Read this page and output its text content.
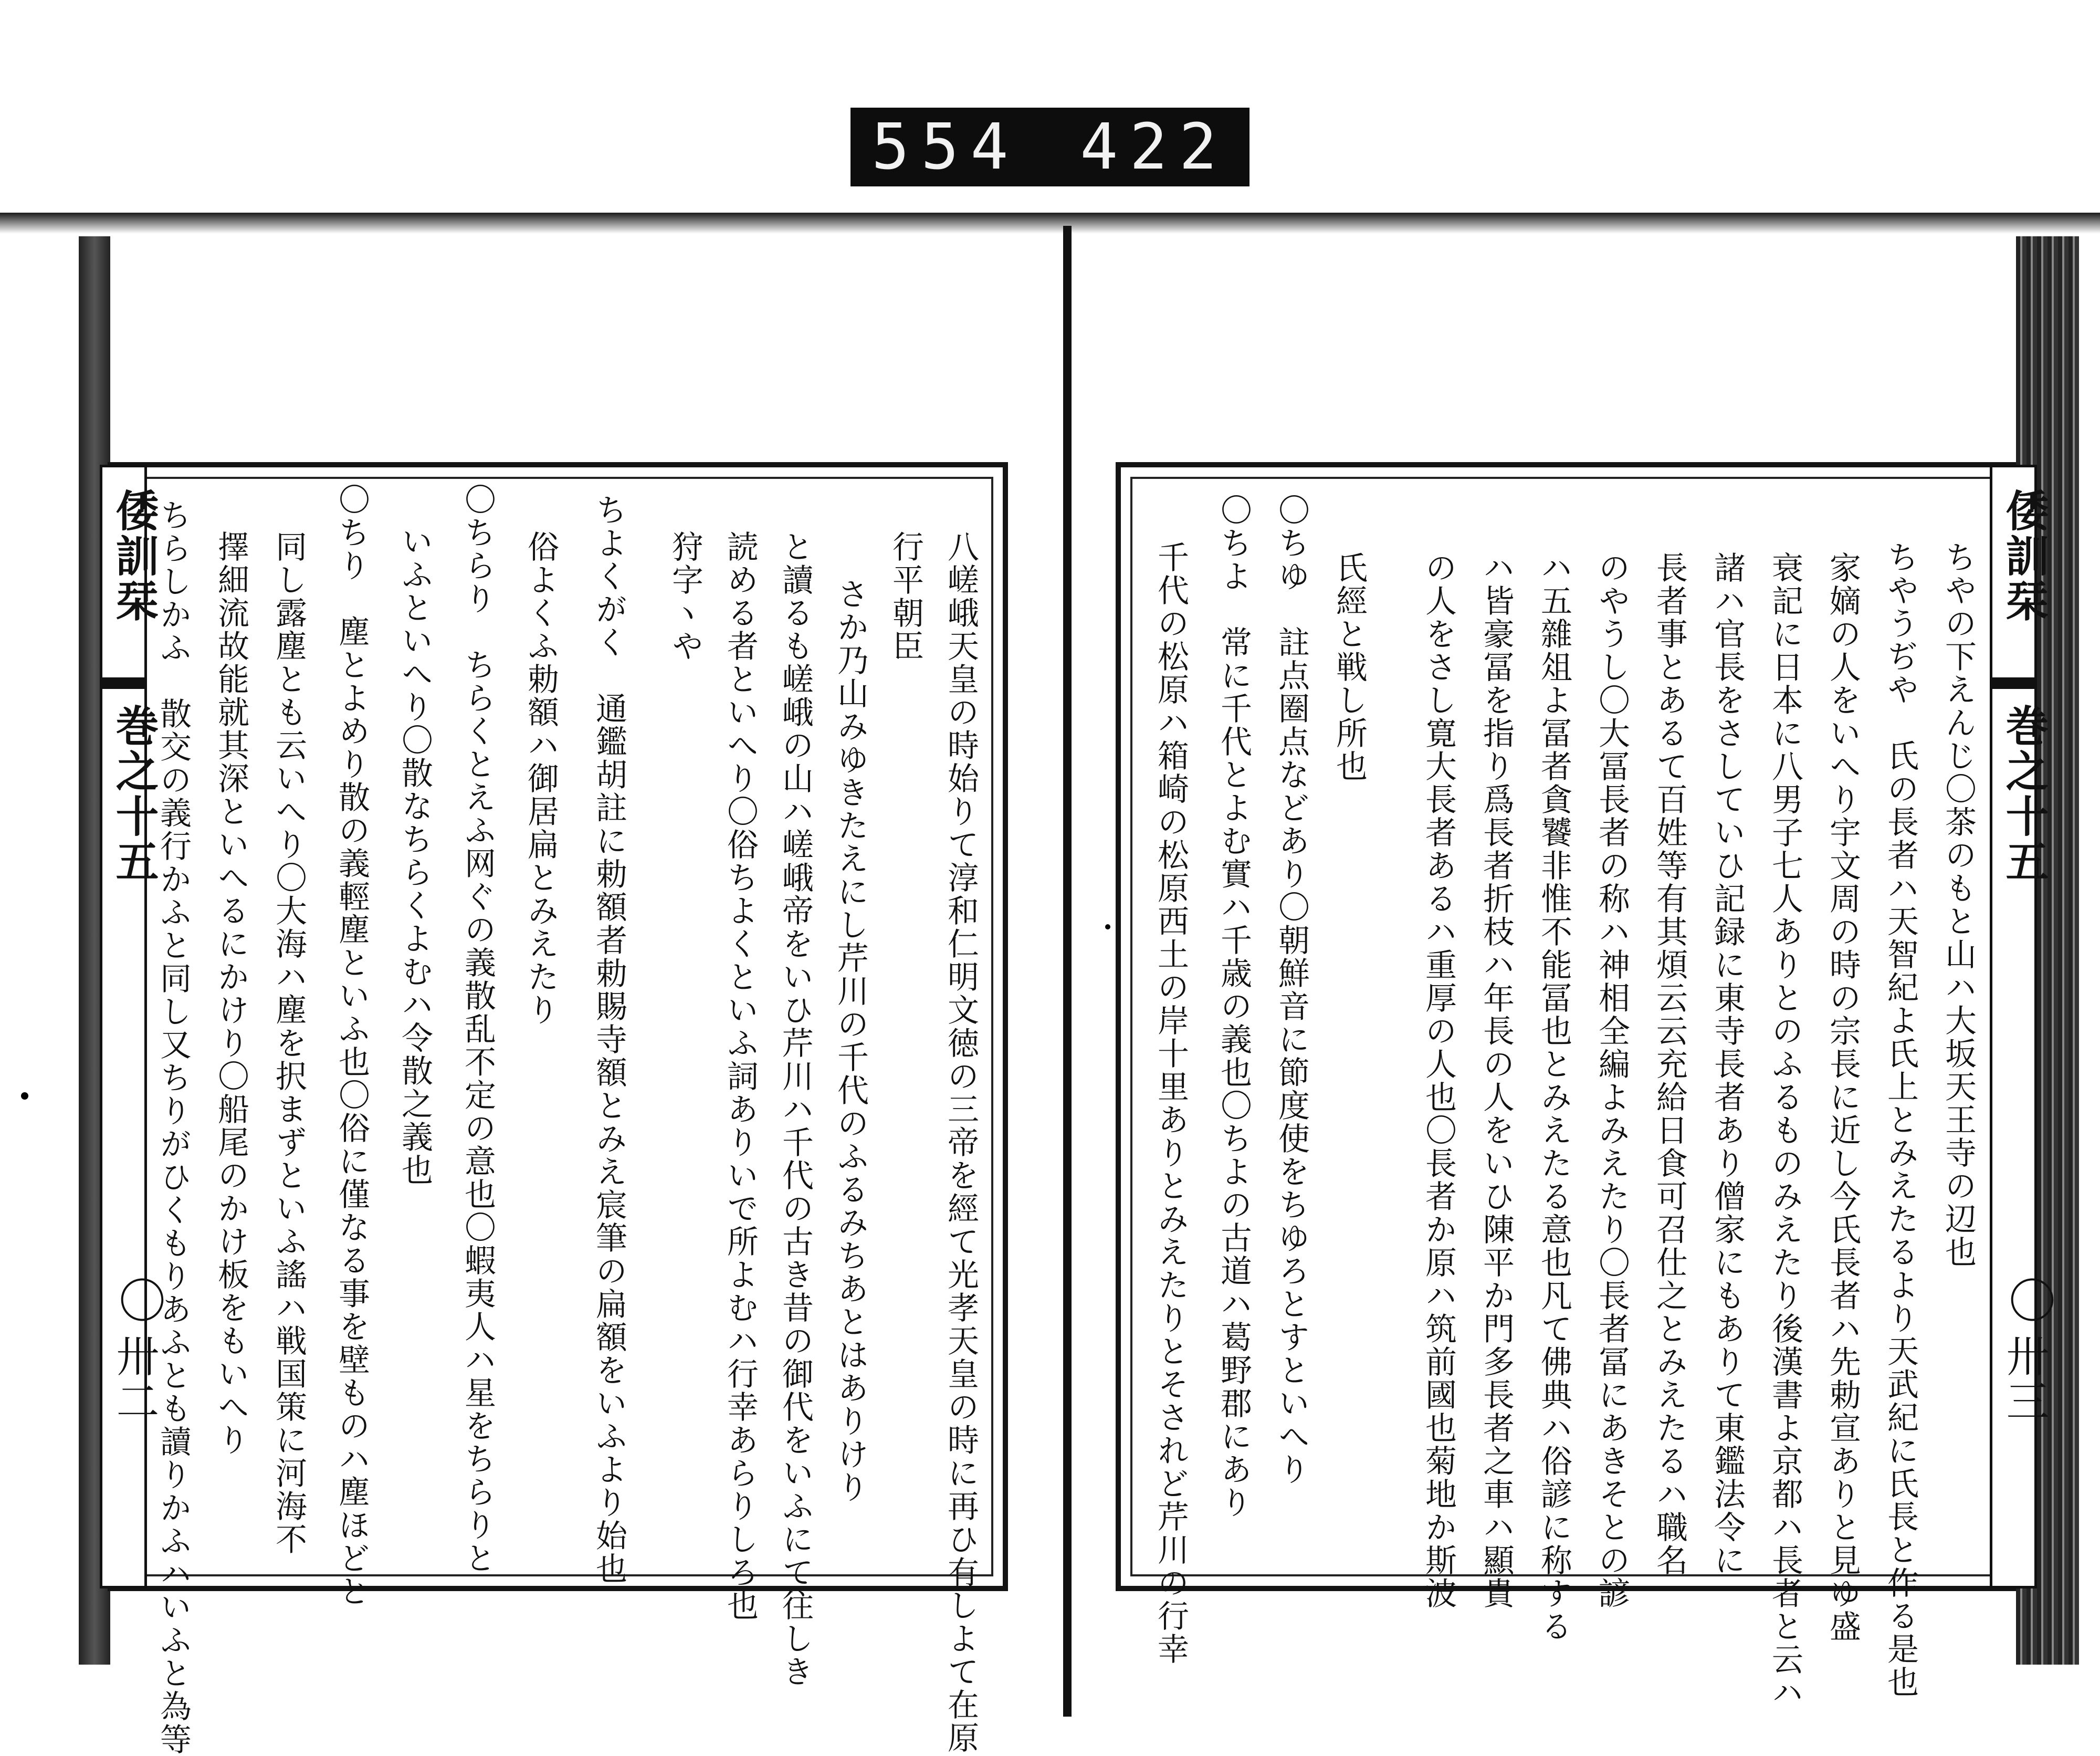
554 422
倭訓栞
巻之十五
〇
卅二	八嵯峨天皇の時始りて淳和仁明文徳の三帝を經て光孝天皇の時に再ひ有しよて在原
行平朝臣
さか乃山みゆきたえにし芹川の千代のふるみちあとはありけり
と讀るも嵯峨の山ハ嵯峨帝をいひ芹川ハ千代の古き昔の御代をいふにて往しき
読める者といへり〇俗ちよくといふ詞ありいで所よむハ行幸あらりしろ也
狩字ヽや
ちよくがく　通鑑胡註に勅額者勅賜寺額とみえ宸筆の扁額をいふより始也
俗よくふ勅額ハ御居扁とみえたり
〇ちらり　ちらくとえふ网ぐの義散乱不定の意也〇蝦夷人ハ星をちらりと
いふといへり〇散なちらくよむハ令散之義也
〇ちり　塵とよめり散の義輕塵といふ也〇俗に僅なる事を壁ものハ塵ほどと
同し露塵とも云いへり〇大海ハ塵を択まずといふ謠ハ戦国策に河海不
擇細流故能就其深といへるにかけり〇船尾のかけ板をもいへり
ちらしかふ　散交の義行かふと同し又ちりがひくもりあふとも讀りかふハいふと為等	倭訓栞
巻之十五
〇
卅三
ちやの下えんじ〇茶のもと山ハ大坂天王寺の辺也
ちやうぢや　氏の長者ハ天智紀よ氏上とみえたるより天武紀に氏長と作る是也
家嫡の人をいへり宇文周の時の宗長に近し今氏長者ハ先勅宣ありと見ゆ盛
衰記に日本に八男子七人ありとのふるものみえたり後漢書よ京都ハ長者と云ハ
諸ハ官長をさしていひ記録に東寺長者あり僧家にもありて東鑑法令に
長者事とあるて百姓等有其煩云云充給日食可召仕之とみえたるハ職名
のやうし〇大冨長者の称ハ神相全編よみえたり〇長者冨にあきそとの諺
ハ五雜俎よ冨者貪饕非惟不能冨也とみえたる意也凡て佛典ハ俗諺に称する
ハ皆豪冨を指り爲長者折枝ハ年長の人をいひ陳平か門多長者之車ハ顯貴
の人をさし寛大長者あるハ重厚の人也〇長者か原ハ筑前國也菊地か斯波
氏經と戦し所也
〇ちゆ　註点圈点などあり〇朝鮮音に節度使をちゆろとすといへり
〇ちよ　常に千代とよむ實ハ千歳の義也〇ちよの古道ハ葛野郡にあり
千代の松原ハ箱崎の松原西土の岸十里ありとみえたりとそされど芹川の行幸
